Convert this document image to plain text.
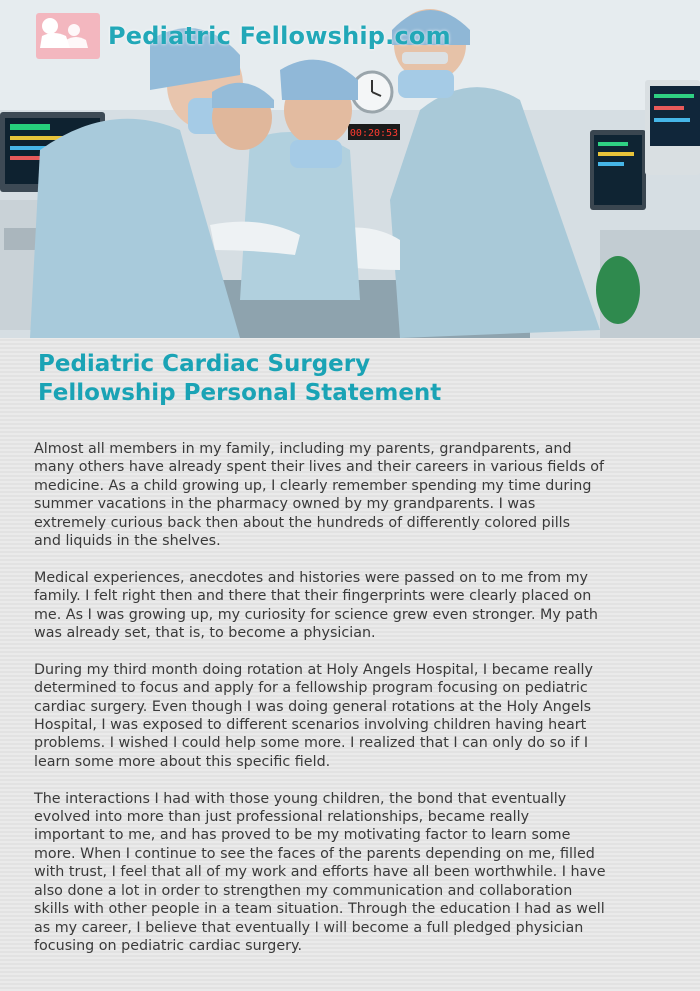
00:20:53
Pediatric Fellowship.com
Pediatric Cardiac Surgery
Fellowship Personal Statement

Almost all members in my family, including my parents, grandparents, and
many others have already spent their lives and their careers in various fields of
medicine. As a child growing up, I clearly remember spending my time during
summer vacations in the pharmacy owned by my grandparents. I was
extremely curious back then about the hundreds of differently colored pills
and liquids in the shelves.

Medical experiences, anecdotes and histories were passed on to me from my
family. I felt right then and there that their fingerprints were clearly placed on
me. As I was growing up, my curiosity for science grew even stronger. My path
was already set, that is, to become a physician.

During my third month doing rotation at Holy Angels Hospital, I became really
determined to focus and apply for a fellowship program focusing on pediatric
cardiac surgery. Even though I was doing general rotations at the Holy Angels
Hospital, I was exposed to different scenarios involving children having heart
problems. I wished I could help some more. I realized that I can only do so if I
learn some more about this specific field.

The interactions I had with those young children, the bond that eventually
evolved into more than just professional relationships, became really
important to me, and has proved to be my motivating factor to learn some
more. When I continue to see the faces of the parents depending on me, filled
with trust, I feel that all of my work and efforts have all been worthwhile. I have
also done a lot in order to strengthen my communication and collaboration
skills with other people in a team situation. Through the education I had as well
as my career, I believe that eventually I will become a full pledged physician
focusing on pediatric cardiac surgery.
